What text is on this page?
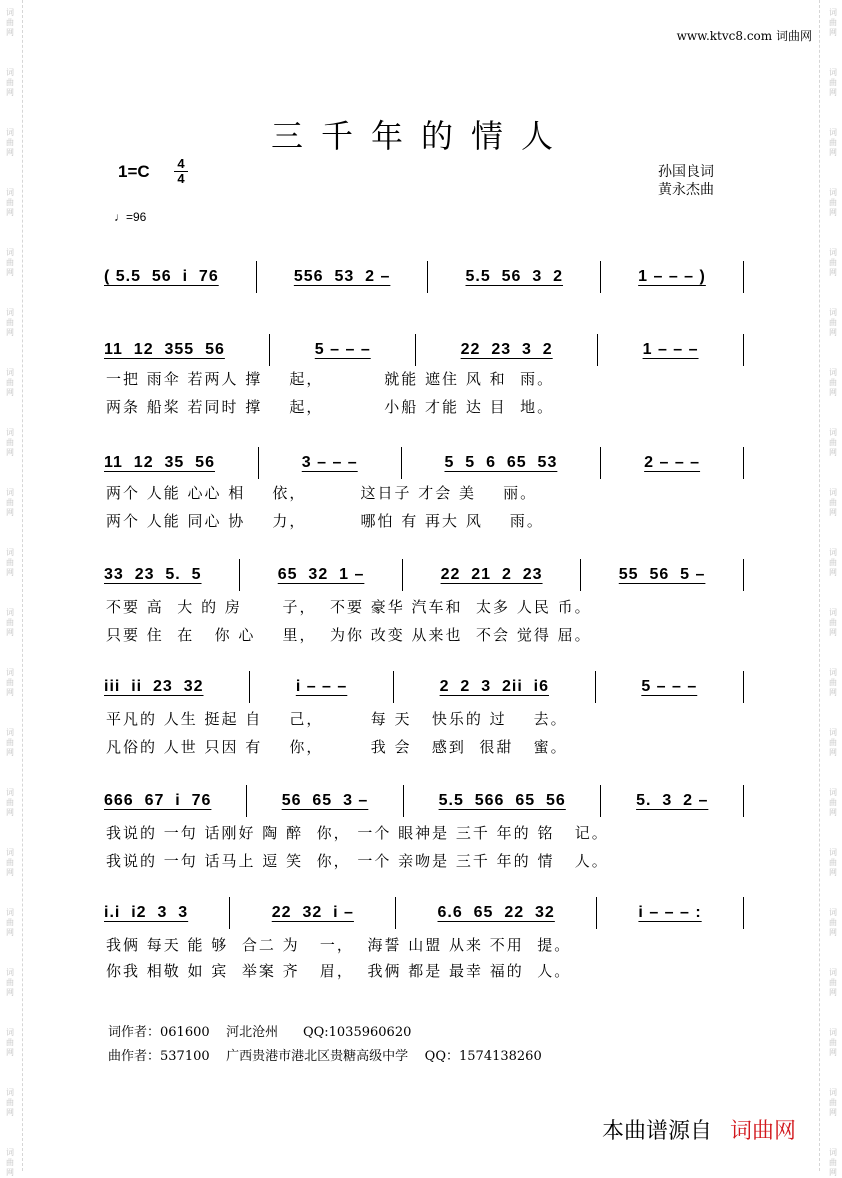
词
曲
网
词
曲
网
词
曲
网
词
曲
网
词
曲
网
词
曲
网
词
曲
网
词
曲
网
词
曲
网
词
曲
网
词
曲
网
词
曲
网
词
曲
网
词
曲
网
词
曲
网
词
曲
网
词
曲
网
词
曲
网
词
曲
网
词
曲
网
词
曲
网
词
曲
网
词
曲
网
词
曲
网
词
曲
网
词
曲
网
词
曲
网
词
曲
网
词
曲
网
词
曲
网
词
曲
网
词
曲
网
词
曲
网
词
曲
网
词
曲
网
词
曲
网
词
曲
网
词
曲
网
词
曲
网
词
曲
网
www.ktvc8.com 词曲网
三千年的情人
1=C 4
4	孙国良词
黄永杰曲
♩=96
( 5.5  56  i  76	556  53  2 –	5.5  56  3  2	1 – – – )
11  12  355  56	5 – – –	22  23  3  2	1 – – –
11  12  35  56	3 – – –	5  5  6  65  53	2 – – –
33  23  5.  5	65  32  1 –	22  21  2  23	55  56  5 –
iii  ii  23  32	i – – –	2  2  3  2ii  i6	5 – – –
666  67  i  76	56  65  3 –	5.5  566  65  56	5.  3  2 –
i.i  i2  3  3	22  32  i –	6.6  65  22  32	i – – – :
一把 雨伞 若两人 撑    起，         就能 遮住 风 和  雨。
两条 船桨 若同时 撑    起，         小船 才能 达 目  地。
两个 人能 心心 相    依，        这日子 才会 美    丽。
两个 人能 同心 协    力，        哪怕 有 再大 风    雨。
不要 高  大 的 房      子，  不要 豪华 汽车和  太多 人民 币。
只要 住  在   你 心    里，  为你 改变 从来也  不会 觉得 屈。
平凡的 人生 挺起 自    己，       每 天   快乐的 过    去。
凡俗的 人世 只因 有    你，       我 会   感到  很甜   蜜。
我说的 一句 话刚好 陶 醉  你， 一个 眼神是 三千 年的 铭   记。
我说的 一句 话马上 逗 笑  你， 一个 亲吻是 三千 年的 情   人。
我俩 每天 能 够  合二 为   一，  海誓 山盟 从来 不用  提。
你我 相敬 如 宾  举案 齐   眉，  我俩 都是 最幸 福的  人。
词作者：061600    河北沧州      QQ:1035960620
曲作者：537100    广西贵港市港北区贵糖高级中学    QQ：1574138260
本曲谱源自 词曲网
